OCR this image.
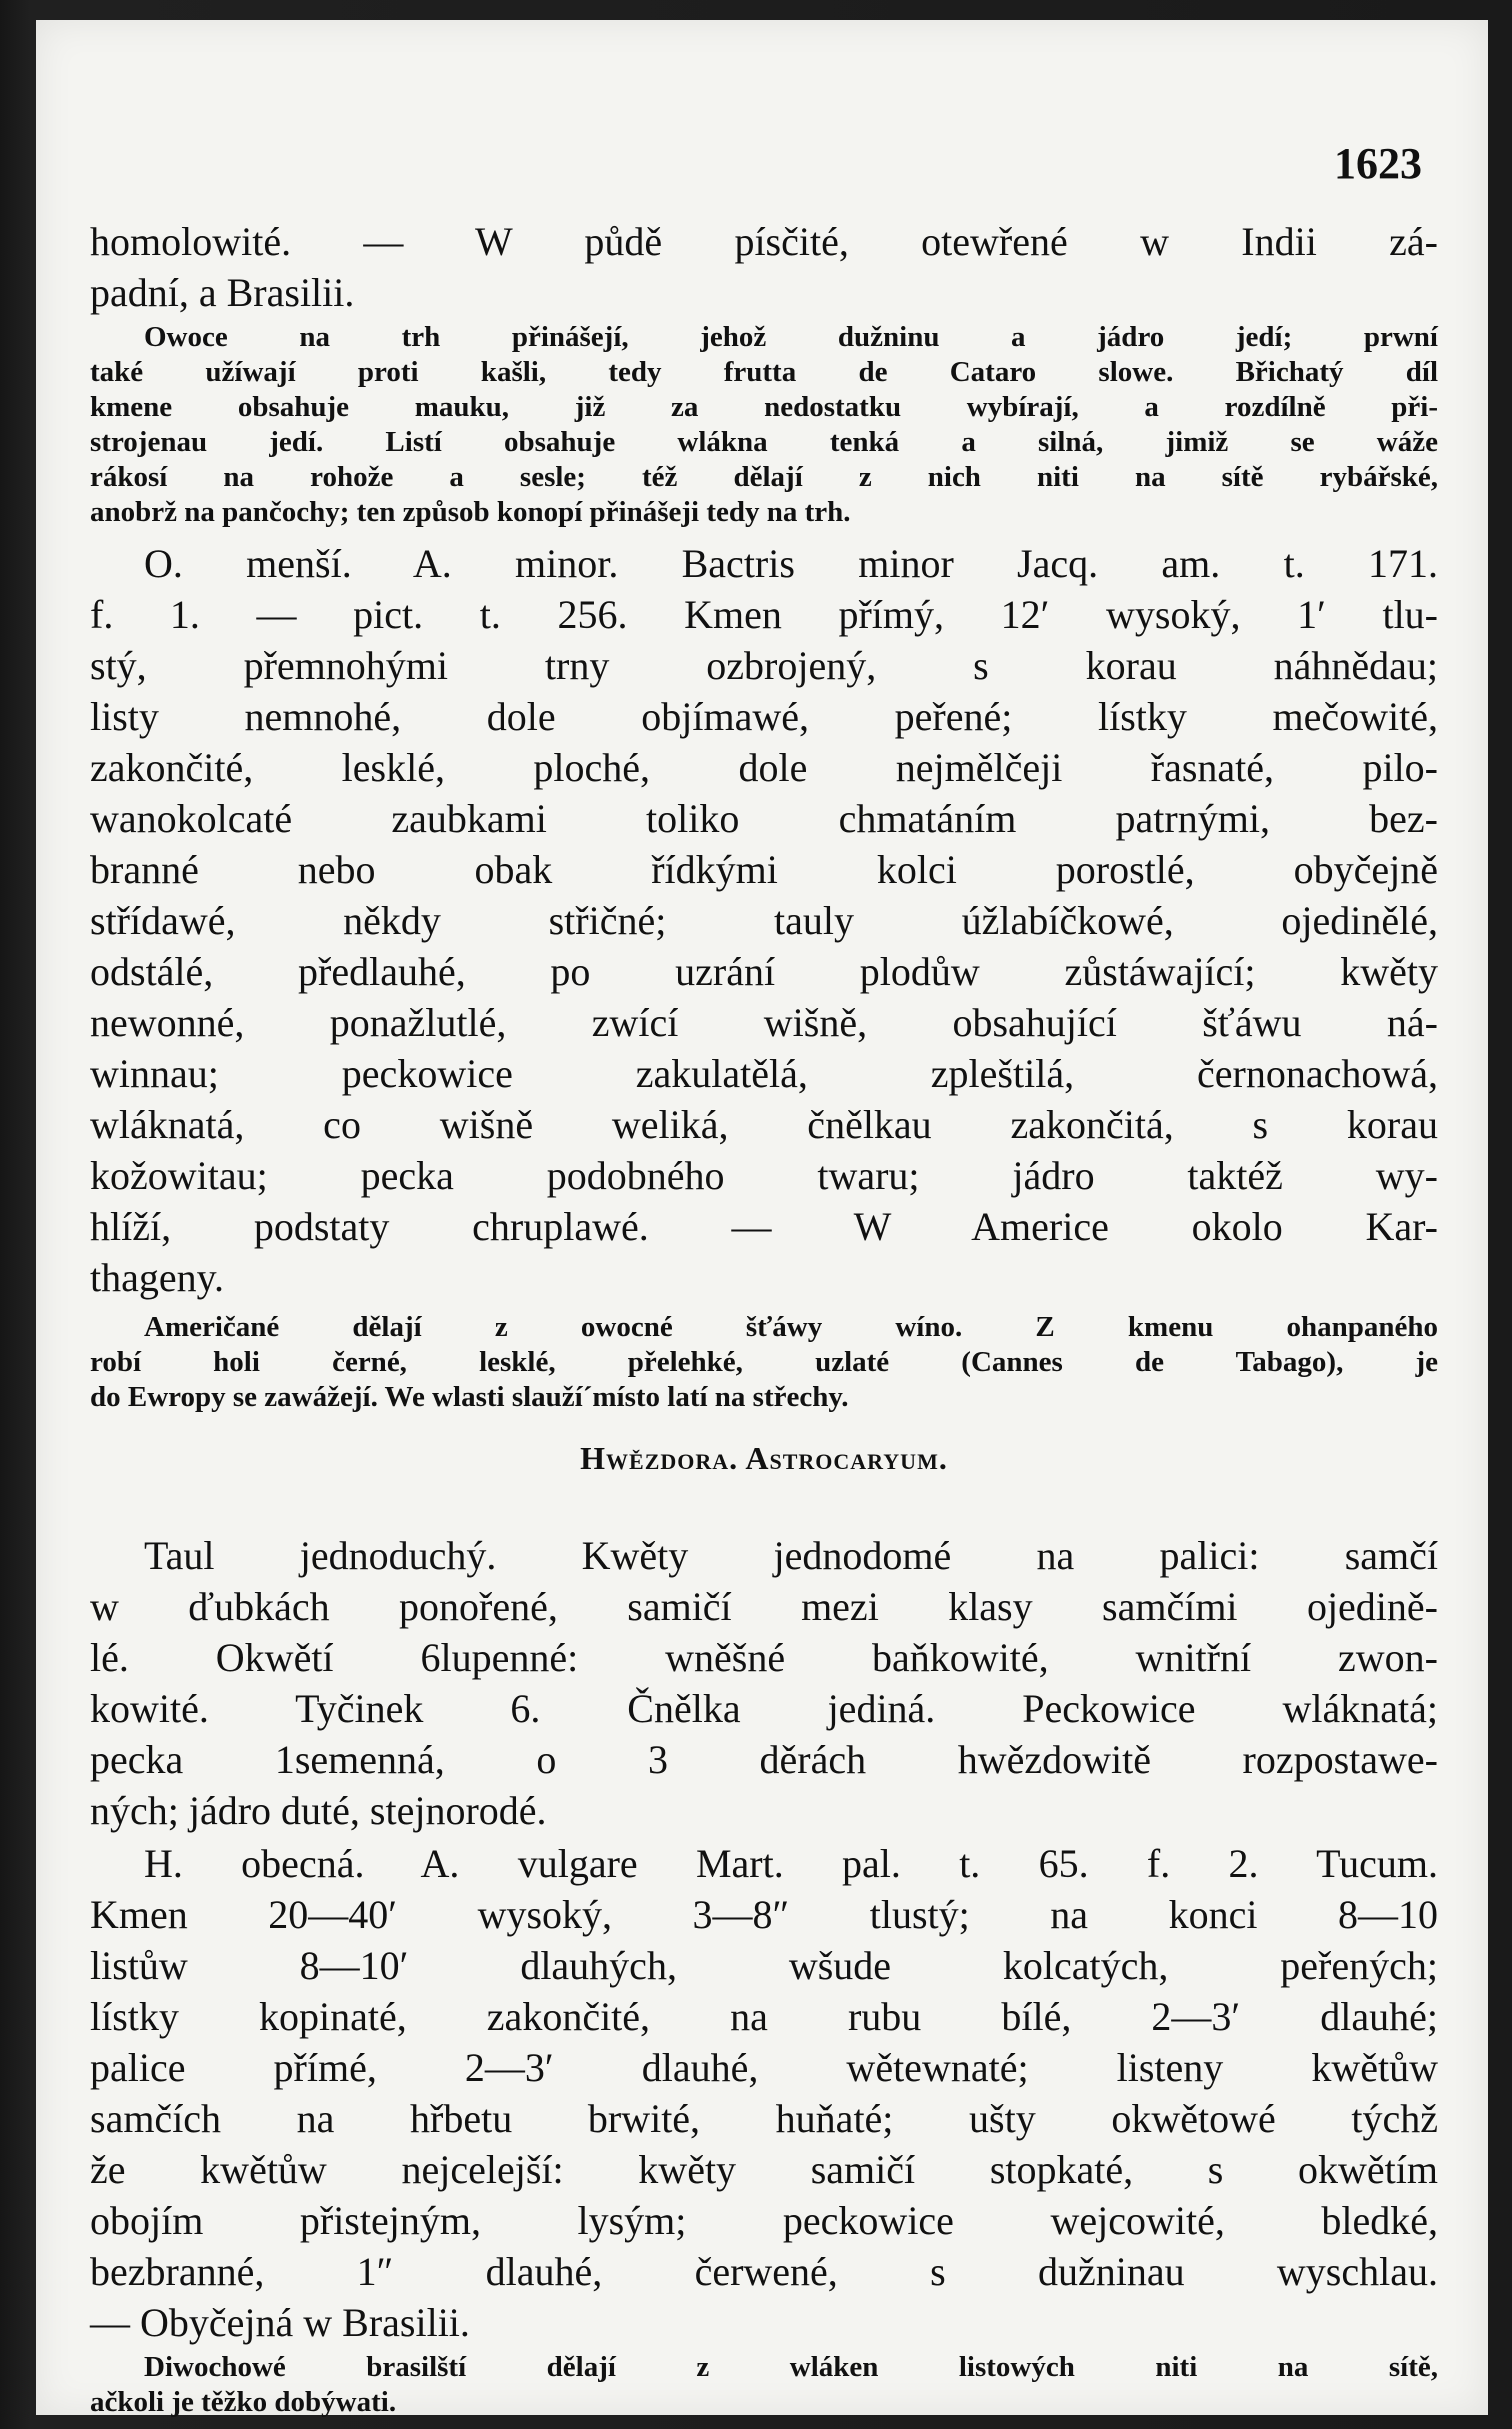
1623
homolowité. — W půdě písčité, otewřené w Indii zá-
padní, a Brasilii.
Owoce na trh přinášejí, jehož dužninu a jádro jedí; prwní
také užíwají proti kašli, tedy frutta de Cataro slowe. Břichatý díl
kmene obsahuje mauku, již za nedostatku wybírají, a rozdílně při-
strojenau jedí. Listí obsahuje wlákna tenká a silná, jimiž se wáže
rákosí na rohože a sesle; též dělají z nich niti na sítě rybářské,
anobrž na pančochy; ten způsob konopí přinášeji tedy na trh.
O. menší. A. minor. Bactris minor Jacq. am. t. 171.
f. 1. — pict. t. 256. Kmen přímý, 12′ wysoký, 1′ tlu-
stý, přemnohými trny ozbrojený, s korau náhnědau;
listy nemnohé, dole objímawé, peřené; lístky mečowité,
zakončité, lesklé, ploché, dole nejmělčeji řasnaté, pilo-
wanokolcaté zaubkami toliko chmatáním patrnými, bez-
branné nebo obak řídkými kolci porostlé, obyčejně
střídawé, někdy střičné; tauly úžlabíčkowé, ojedinělé,
odstálé, předlauhé, po uzrání plodůw zůstáwající; kwěty
newonné, ponažlutlé, zwící wišně, obsahující šťáwu ná-
winnau; peckowice zakulatělá, zpleštilá, černonachowá,
wláknatá, co wišně weliká, čnělkau zakončitá, s korau
kožowitau; pecka podobného twaru; jádro taktéž wy-
hlíží, podstaty chruplawé. — W Americe okolo Kar-
thageny.
Američané dělají z owocné šťáwy wíno. Z kmenu ohanpaného
robí holi černé, lesklé, přelehké, uzlaté (Cannes de Tabago), je
do Ewropy se zawážejí. We wlasti slaužíˊmísto latí na střechy.
Hwězdora. Astrocaryum.
Taul jednoduchý. Kwěty jednodomé na palici: samčí
w ďubkách ponořené, samičí mezi klasy samčími ojedině-
lé. Okwětí 6lupenné: wněšné baňkowité, wnitřní zwon-
kowité. Tyčinek 6. Čnělka jediná. Peckowice wláknatá;
pecka 1semenná, o 3 děrách hwězdowitě rozpostawe-
ných; jádro duté, stejnorodé.
H. obecná. A. vulgare Mart. pal. t. 65. f. 2. Tucum.
Kmen 20—40′ wysoký, 3—8″ tlustý; na konci 8—10
listůw 8—10′ dlauhých, wšude kolcatých, peřených;
lístky kopinaté, zakončité, na rubu bílé, 2—3′ dlauhé;
palice přímé, 2—3′ dlauhé, wětewnaté; listeny kwětůw
samčích na hřbetu brwité, huňaté; ušty okwětowé týchž
že kwětůw nejcelejší: kwěty samičí stopkaté, s okwětím
obojím přistejným, lysým; peckowice wejcowité, bledké,
bezbranné, 1″ dlauhé, čerwené, s dužninau wyschlau.
— Obyčejná w Brasilii.
Diwochowé brasilští dělají z wláken listowých niti na sítě,
ačkoli je těžko dobýwati.
